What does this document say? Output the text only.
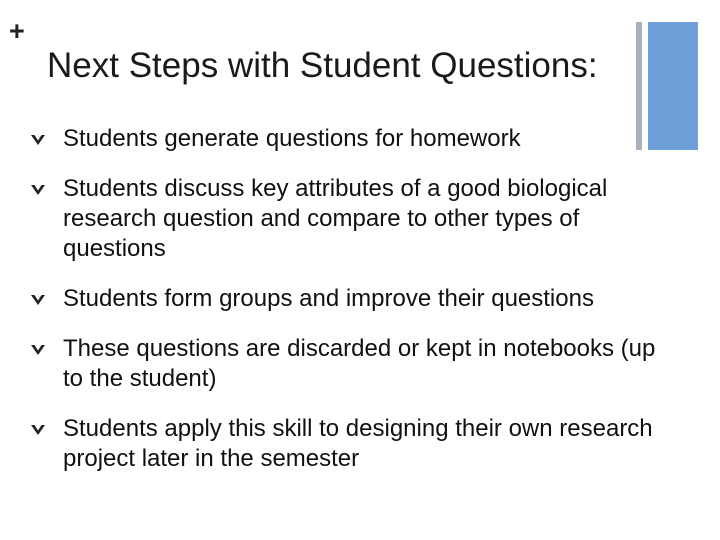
+
Next Steps with Student Questions:
Students generate questions for homework
Students discuss key attributes of a good biological research question and compare to other types of questions
Students form groups and improve their questions
These questions are discarded or kept in notebooks (up to the student)
Students apply this skill to designing their own research project later in the semester
